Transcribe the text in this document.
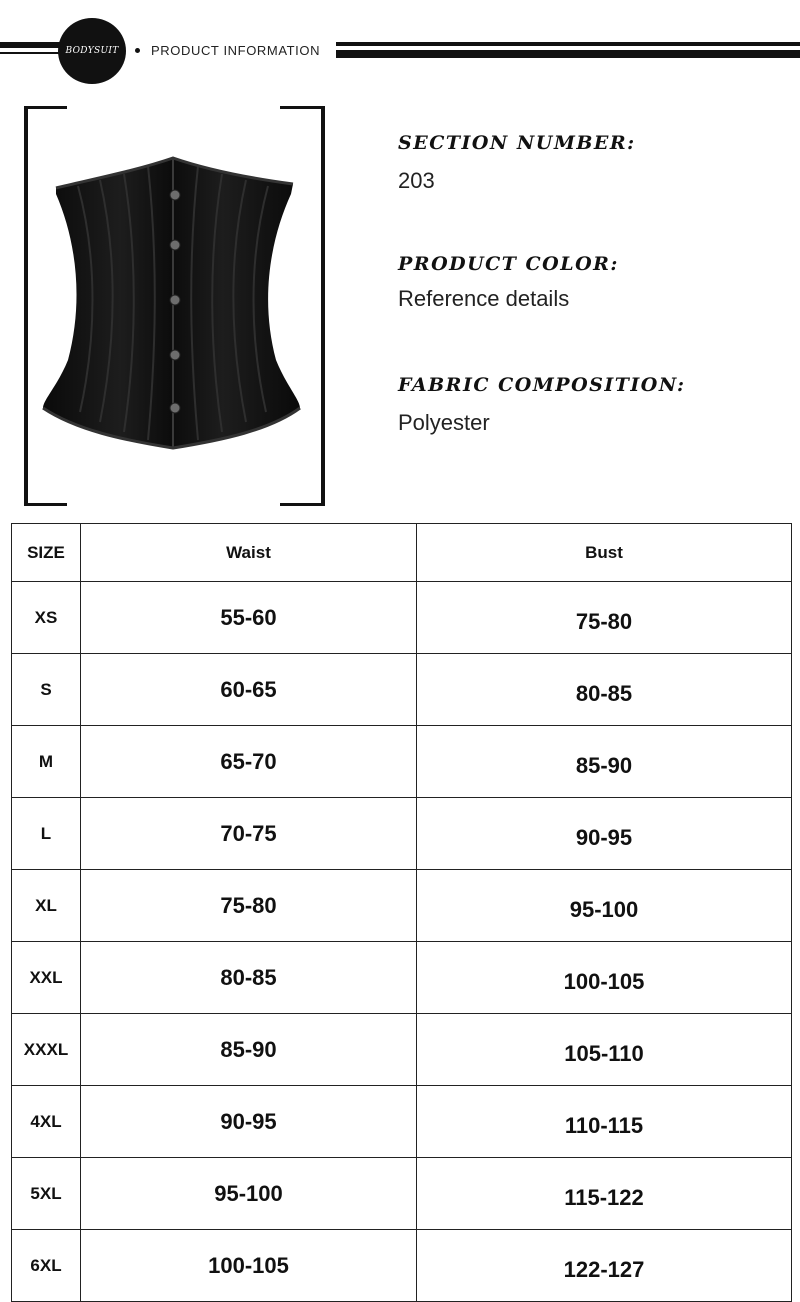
BODYSUIT PRODUCT INFORMATION
SECTION NUMBER:
203
PRODUCT COLOR:
Reference details
FABRIC COMPOSITION:
Polyester
SIZE	Waist	Bust
XS	55-60	75-80
S	60-65	80-85
M	65-70	85-90
L	70-75	90-95
XL	75-80	95-100
XXL	80-85	100-105
XXXL	85-90	105-110
4XL	90-95	110-115
5XL	95-100	115-122
6XL	100-105	122-127
